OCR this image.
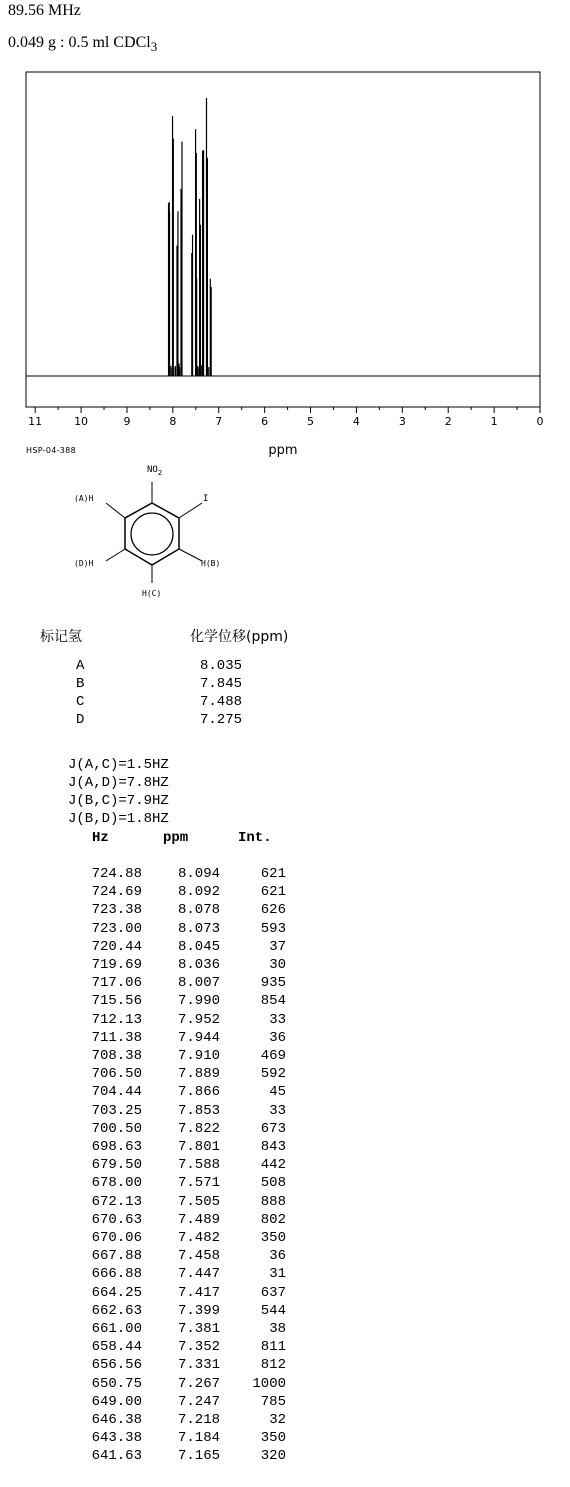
89.56 MHz
0.049 g : 0.5 ml CDCl$_3$
11	10	9	8	7	6	5	4	3	2	1	0
ppm
HSP-04-388
$NO_2$
I
(A)H
H(B)
H(C)
(D)H
标记氢	化学位移(ppm)
A	8.035
B	7.845
C	7.488
D	7.275
J(A,C)=1.5HZ
J(A,D)=7.8HZ
J(B,C)=7.9HZ
J(B,D)=1.8HZ
Hz	ppm	Int.
724.88	8.094	621
724.69	8.092	621
723.38	8.078	626
723.00	8.073	593
720.44	8.045	37
719.69	8.036	30
717.06	8.007	935
715.56	7.990	854
712.13	7.952	33
711.38	7.944	36
708.38	7.910	469
706.50	7.889	592
704.44	7.866	45
703.25	7.853	33
700.50	7.822	673
698.63	7.801	843
679.50	7.588	442
678.00	7.571	508
672.13	7.505	888
670.63	7.489	802
670.06	7.482	350
667.88	7.458	36
666.88	7.447	31
664.25	7.417	637
662.63	7.399	544
661.00	7.381	38
658.44	7.352	811
656.56	7.331	812
650.75	7.267	1000
649.00	7.247	785
646.38	7.218	32
643.38	7.184	350
641.63	7.165	320
